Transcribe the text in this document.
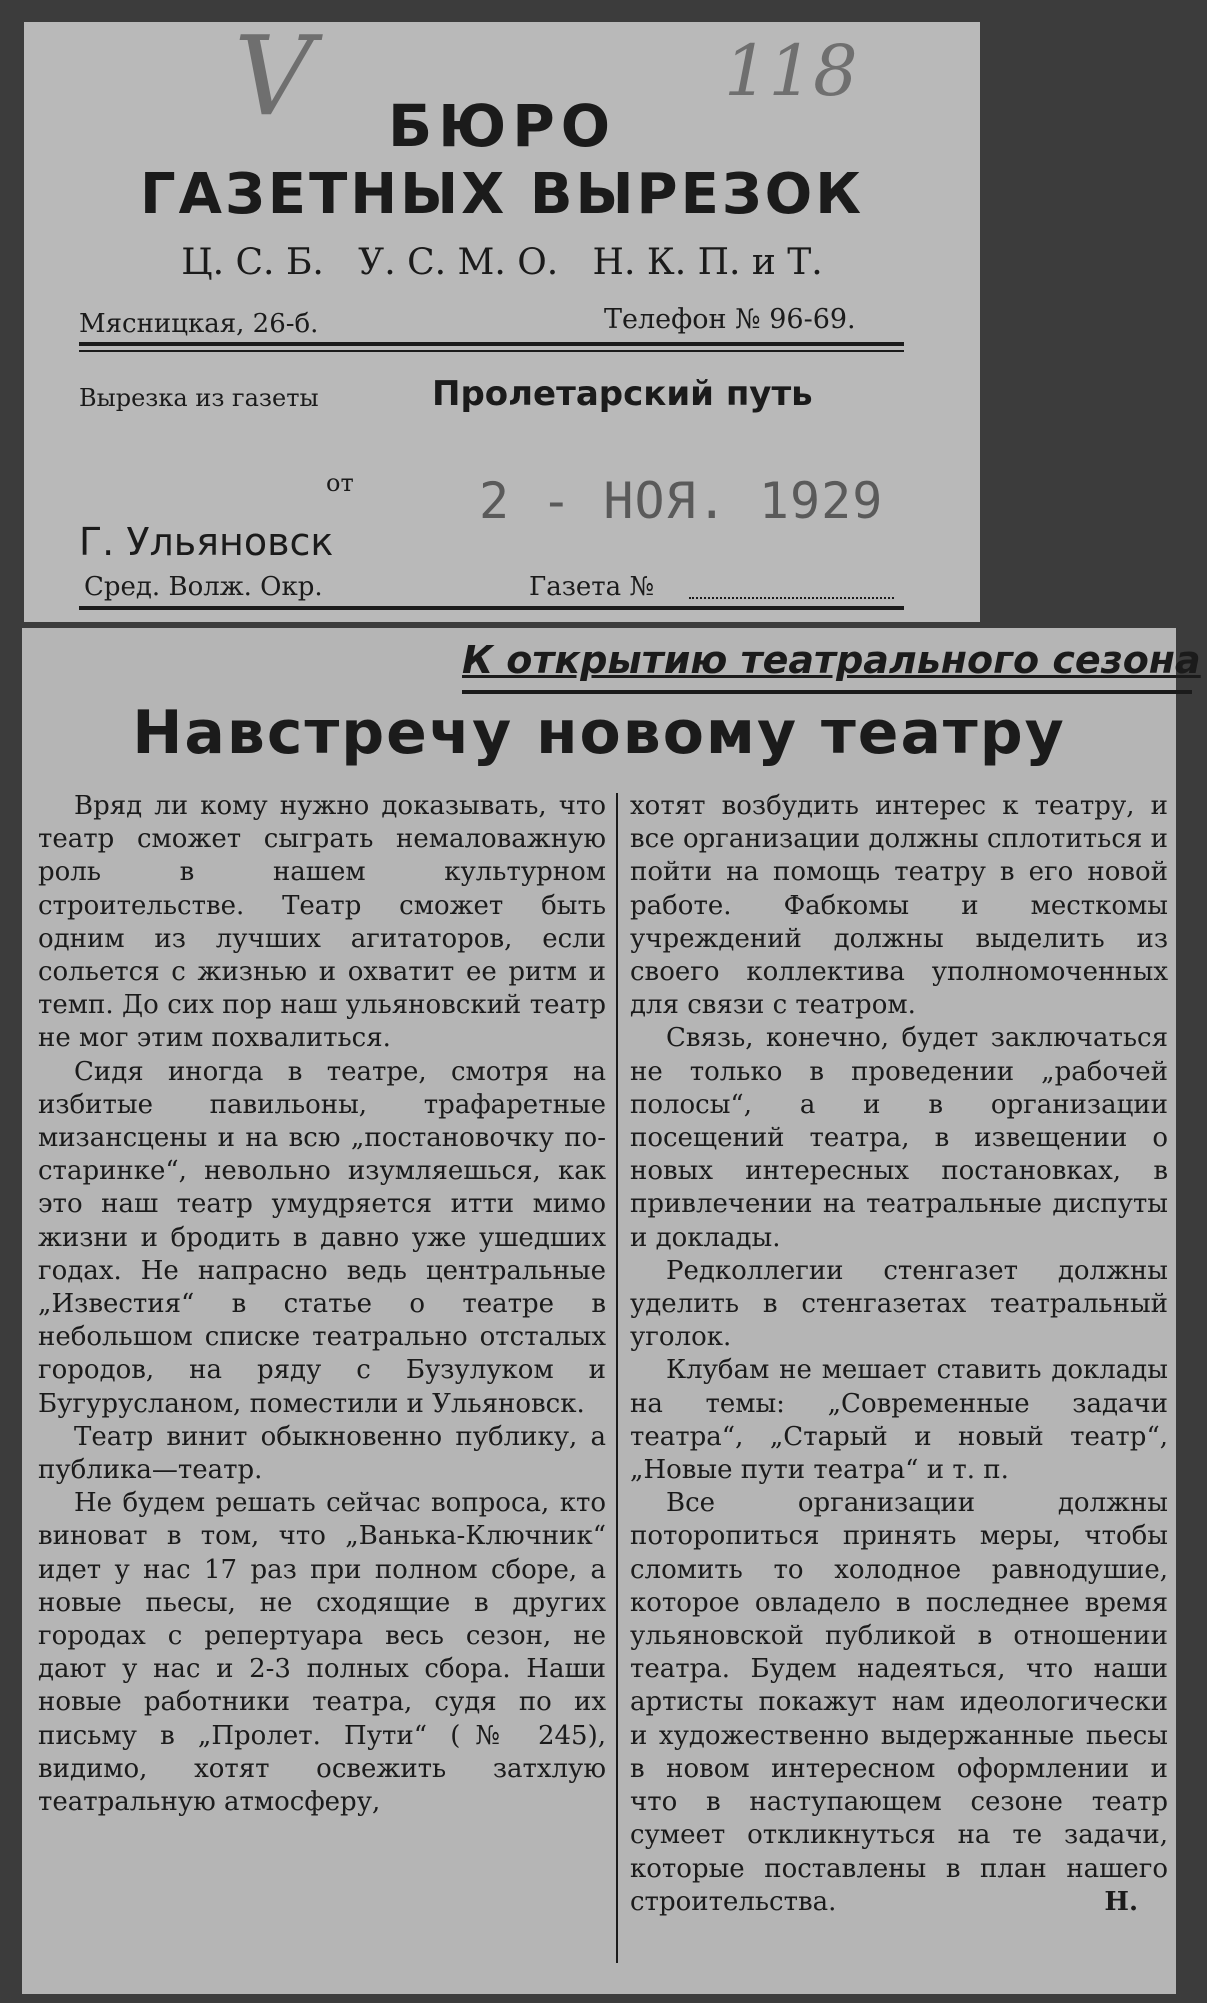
V	118
БЮРО
ГАЗЕТНЫХ ВЫРЕЗОК
Ц. С. Б.   У. С. М. О.   Н. К. П. и Т.
Мясницкая, 26-б.	Телефон № 96-69.
Вырезка из газеты	Пролетарский путь
от	2 - НОЯ. 1929
Г. Ульяновск
Сред. Волж. Окр.	Газета №
К открытию театрального сезона
Навстречу новому театру

Вряд ли кому нужно доказывать, что театр сможет сыграть немаловажную роль в нашем культурном строительстве. Театр сможет быть одним из лучших агитаторов, если сольется с жизнью и охватит ее ритм и темп. До сих пор наш ульяновский театр не мог этим похвалиться.

Сидя иногда в театре, смотря на избитые павильоны, трафаретные мизансцены и на всю „постановочку по-старинке“, невольно изумляешься, как это наш театр умудряется итти мимо жизни и бродить в давно уже ушедших годах. Не напрасно ведь центральные „Известия“ в статье о театре в небольшом списке театрально отсталых городов, на ряду с Бузулуком и Бугурусланом, поместили и Ульяновск.

Театр винит обыкновенно публику, а публика—театр.

Не будем решать сейчас вопроса, кто виноват в том, что „Ванька-Ключник“ идет у нас 17 раз при полном сборе, а новые пьесы, не сходящие в других городах с репертуара весь сезон, не дают у нас и 2-3 полных сбора. Наши новые работники театра, судя по их письму в „Пролет. Пути“ (№ 245), видимо, хотят освежить затхлую театральную атмосферу,

хотят возбудить интерес к театру, и все организации должны сплотиться и пойти на помощь театру в его новой работе. Фабкомы и месткомы учреждений должны выделить из своего коллектива уполномоченных для связи с театром.

Связь, конечно, будет заключаться не только в проведении „рабочей полосы“, а и в организации посещений театра, в извещении о новых интересных постановках, в привлечении на театральные диспуты и доклады.

Редколлегии стенгазет должны уделить в стенгазетах театральный уголок.

Клубам не мешает ставить доклады на темы: „Современные задачи театра“, „Старый и новый театр“, „Новые пути театра“ и т. п.

Все организации должны поторопиться принять меры, чтобы сломить то холодное равнодушие, которое овладело в последнее время ульяновской публикой в отношении театра. Будем надеяться, что наши артисты покажут нам идеологически и художественно выдержанные пьесы в новом интересном оформлении и что в наступающем сезоне театр сумеет откликнуться на те задачи, которые поставлены в план нашего строительства.	Н.
